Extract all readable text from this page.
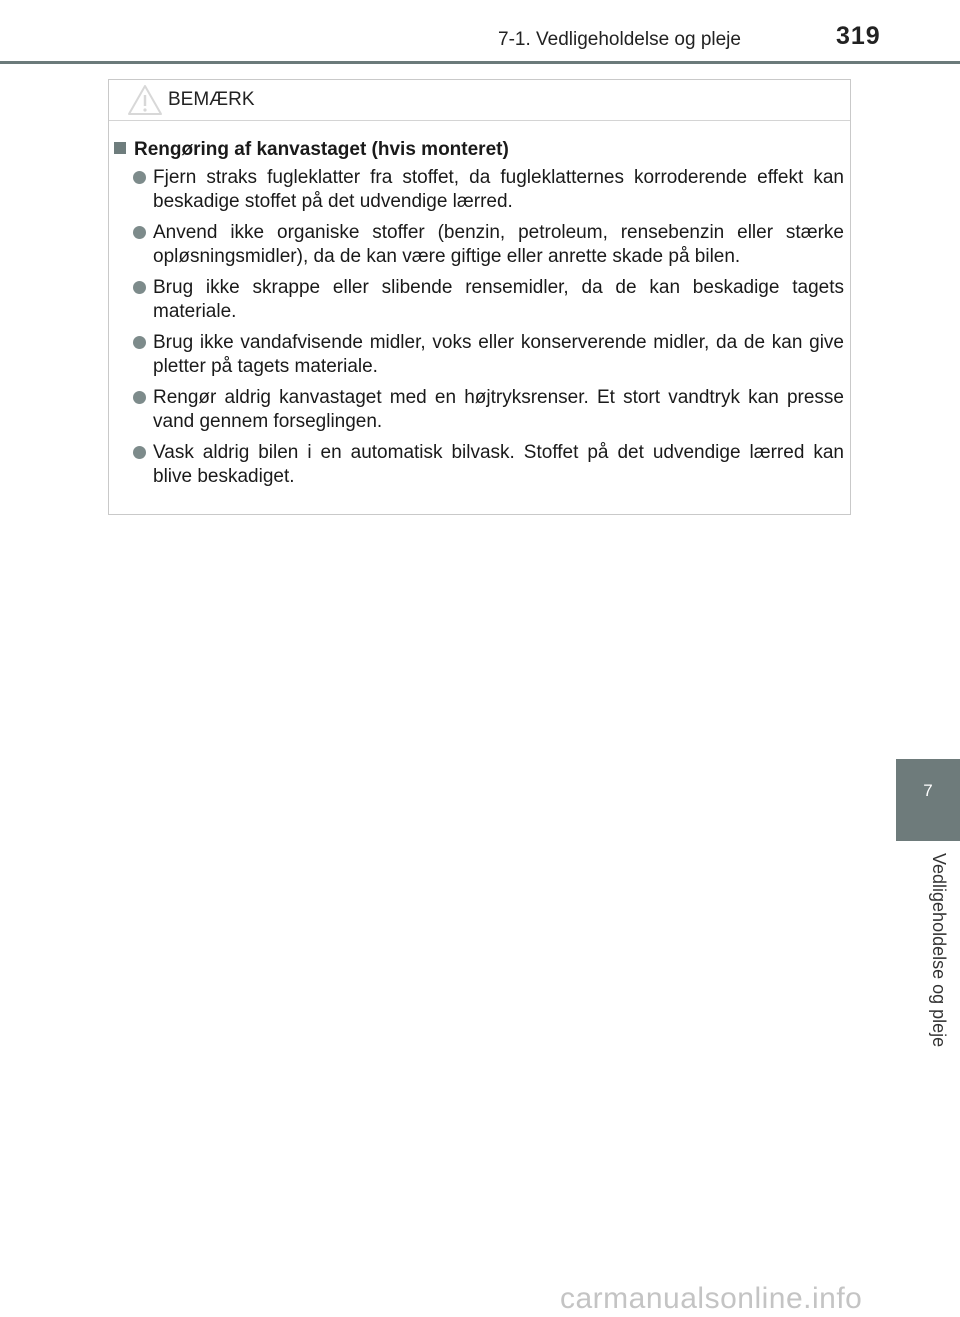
7-1. Vedligeholdelse og pleje	319
BEMÆRK
Rengøring af kanvastaget (hvis monteret)
Fjern straks fugleklatter fra stoffet, da fugleklatternes korroderende effekt kan beskadige stoffet på det udvendige lærred.
Anvend ikke organiske stoffer (benzin, petroleum, rensebenzin eller stærke opløsningsmidler), da de kan være giftige eller anrette skade på bilen.
Brug ikke skrappe eller slibende rensemidler, da de kan beskadige tagets materiale.
Brug ikke vandafvisende midler, voks eller konserverende midler, da de kan give pletter på tagets materiale.
Rengør aldrig kanvastaget med en højtryksrenser. Et stort vandtryk kan presse vand gennem forseglingen.
Vask aldrig bilen i en automatisk bilvask. Stoffet på det udvendige lærred kan blive beskadiget.
7
Vedligeholdelse og pleje
carmanualsonline.info
